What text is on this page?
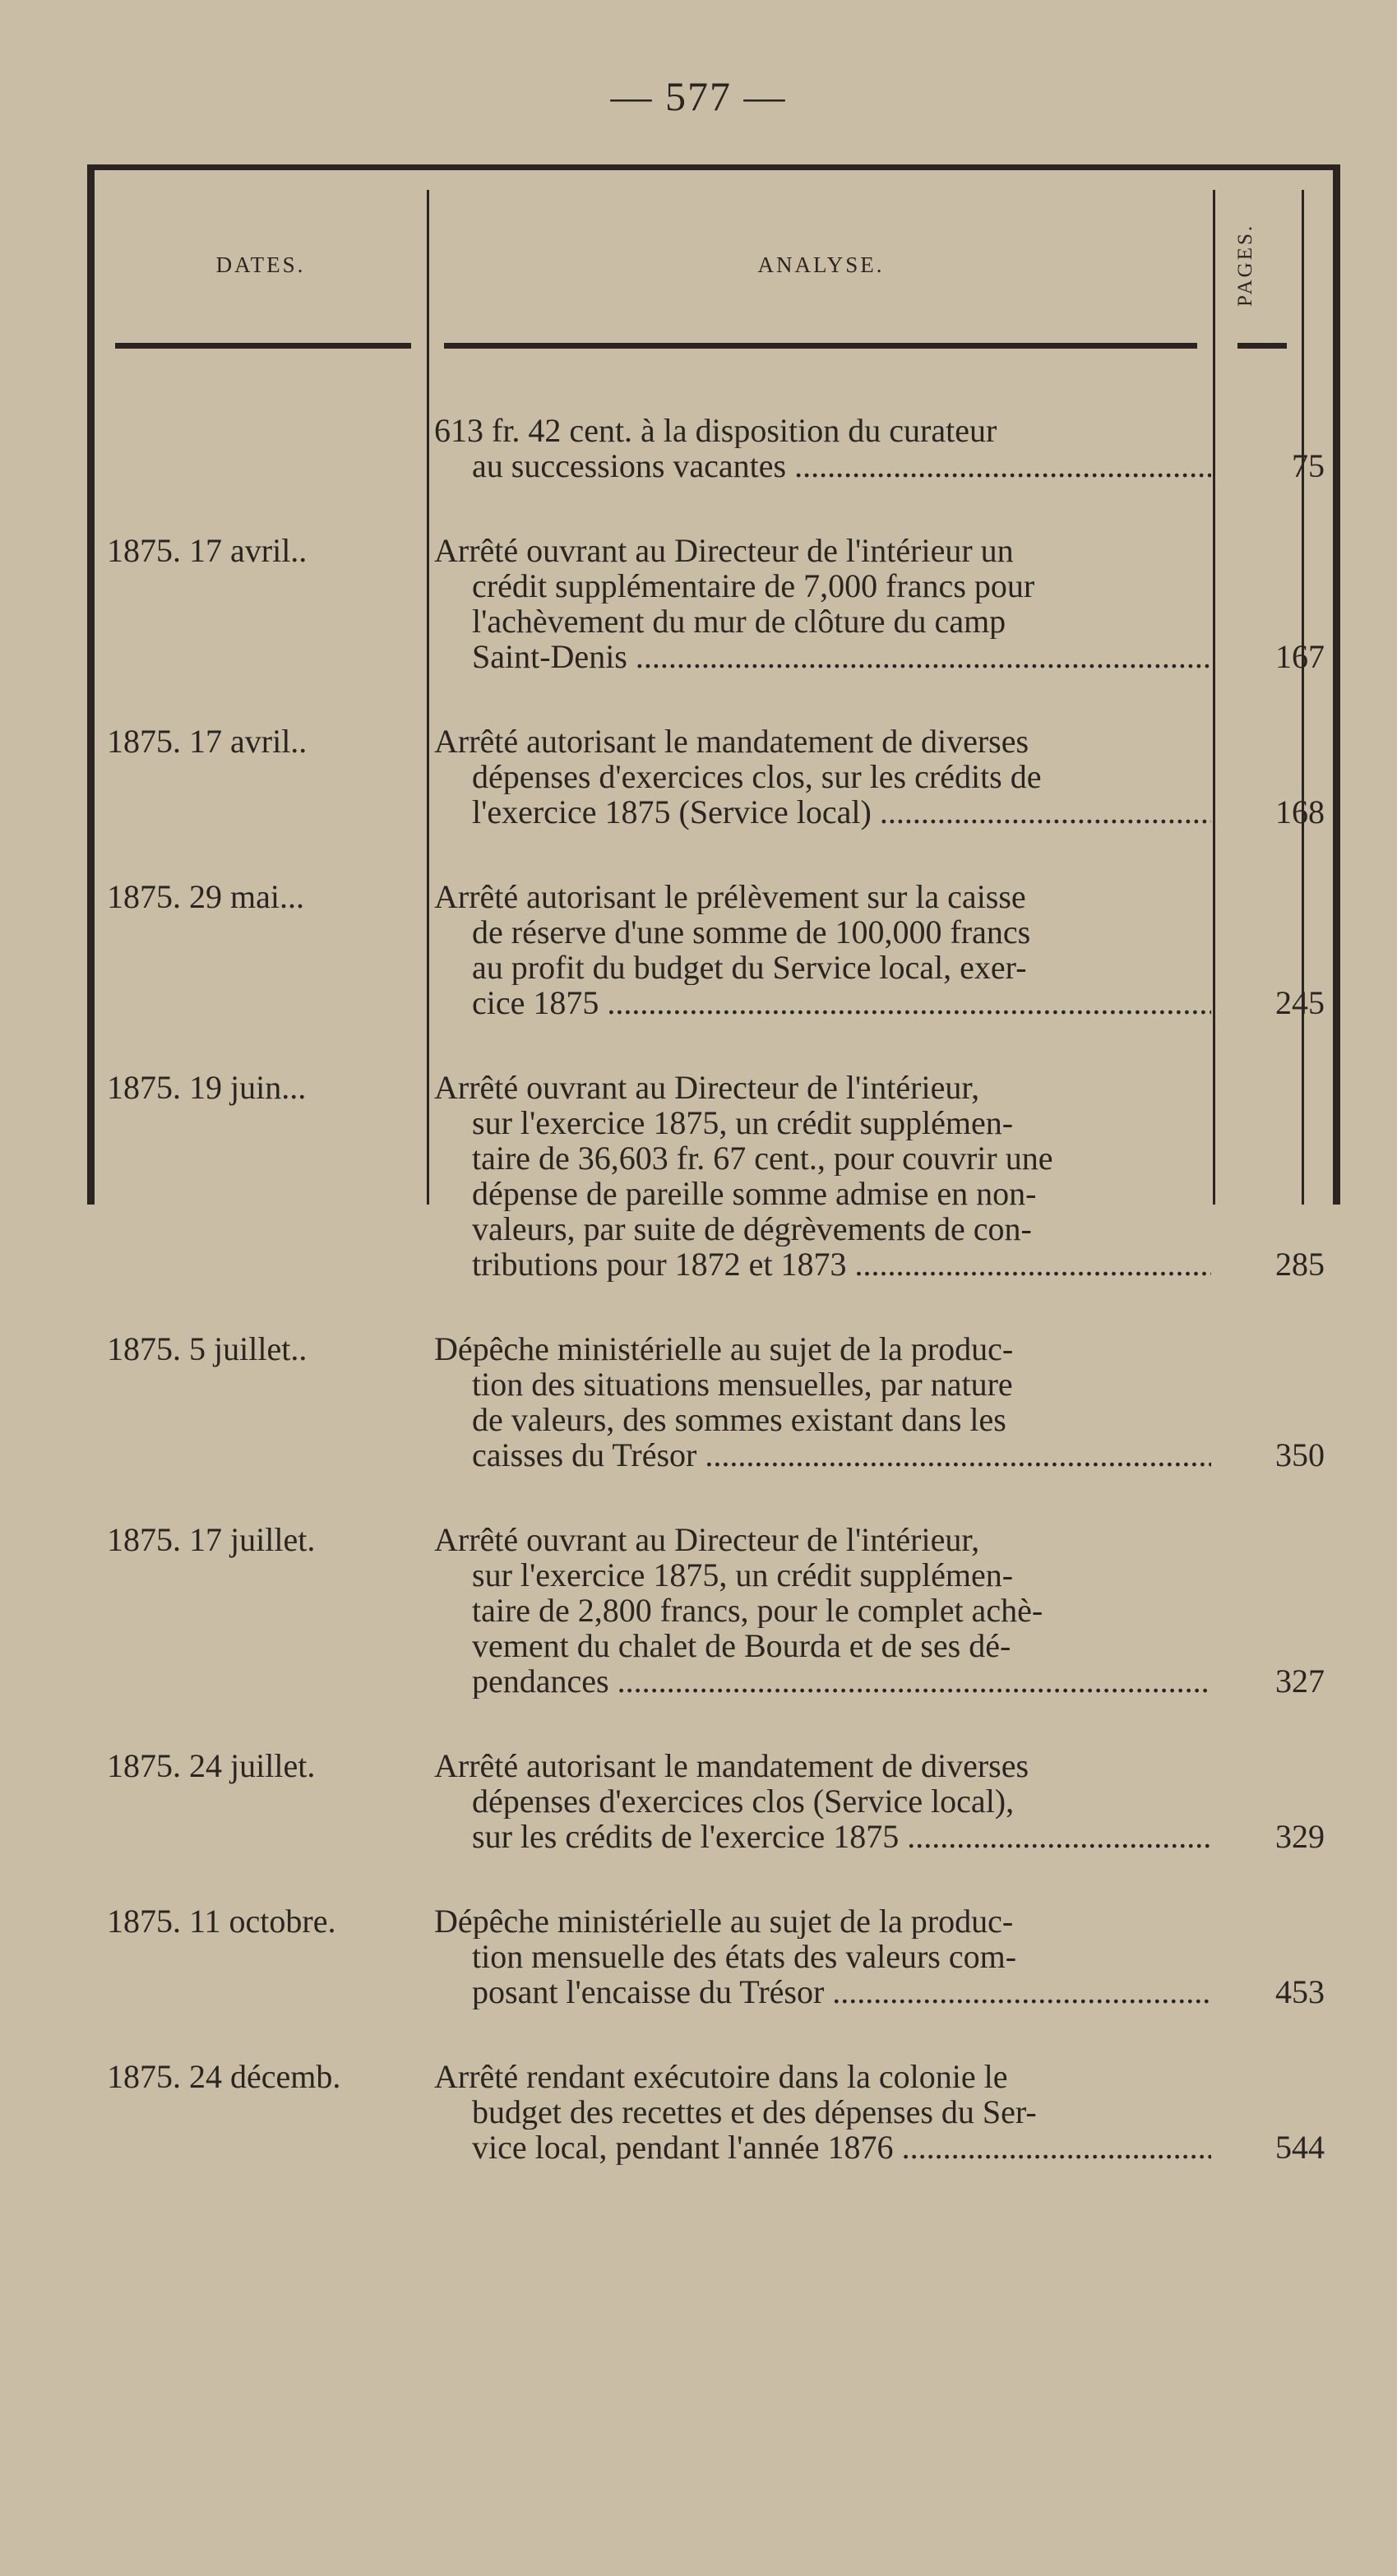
— 577 —
DATES.	ANALYSE.	PAGES.
613 fr. 42 cent. à la disposition du curateur
au successions vacantes .....	75
1875. 17 avril..	Arrêté ouvrant au Directeur de l'intérieur un
crédit supplémentaire de 7,000 francs pour
l'achèvement du mur de clôture du camp
Saint-Denis .....	167
1875. 17 avril..	Arrêté autorisant le mandatement de diverses
dépenses d'exercices clos, sur les crédits de
l'exercice 1875 (Service local) .....	168
1875. 29 mai...	Arrêté autorisant le prélèvement sur la caisse
de réserve d'une somme de 100,000 francs
au profit du budget du Service local, exer-
cice 1875 .....	245
1875. 19 juin...	Arrêté ouvrant au Directeur de l'intérieur,
sur l'exercice 1875, un crédit supplémen-
taire de 36,603 fr. 67 cent., pour couvrir une
dépense de pareille somme admise en non-
valeurs, par suite de dégrèvements de con-
tributions pour 1872 et 1873 .....	285
1875. 5 juillet..	Dépêche ministérielle au sujet de la produc-
tion des situations mensuelles, par nature
de valeurs, des sommes existant dans les
caisses du Trésor .....	350
1875. 17 juillet.	Arrêté ouvrant au Directeur de l'intérieur,
sur l'exercice 1875, un crédit supplémen-
taire de 2,800 francs, pour le complet achè-
vement du chalet de Bourda et de ses dé-
pendances .....	327
1875. 24 juillet.	Arrêté autorisant le mandatement de diverses
dépenses d'exercices clos (Service local),
sur les crédits de l'exercice 1875 .....	329
1875. 11 octobre.	Dépêche ministérielle au sujet de la produc-
tion mensuelle des états des valeurs com-
posant l'encaisse du Trésor .....	453
1875. 24 décemb.	Arrêté rendant exécutoire dans la colonie le
budget des recettes et des dépenses du Ser-
vice local, pendant l'année 1876 .....	544
